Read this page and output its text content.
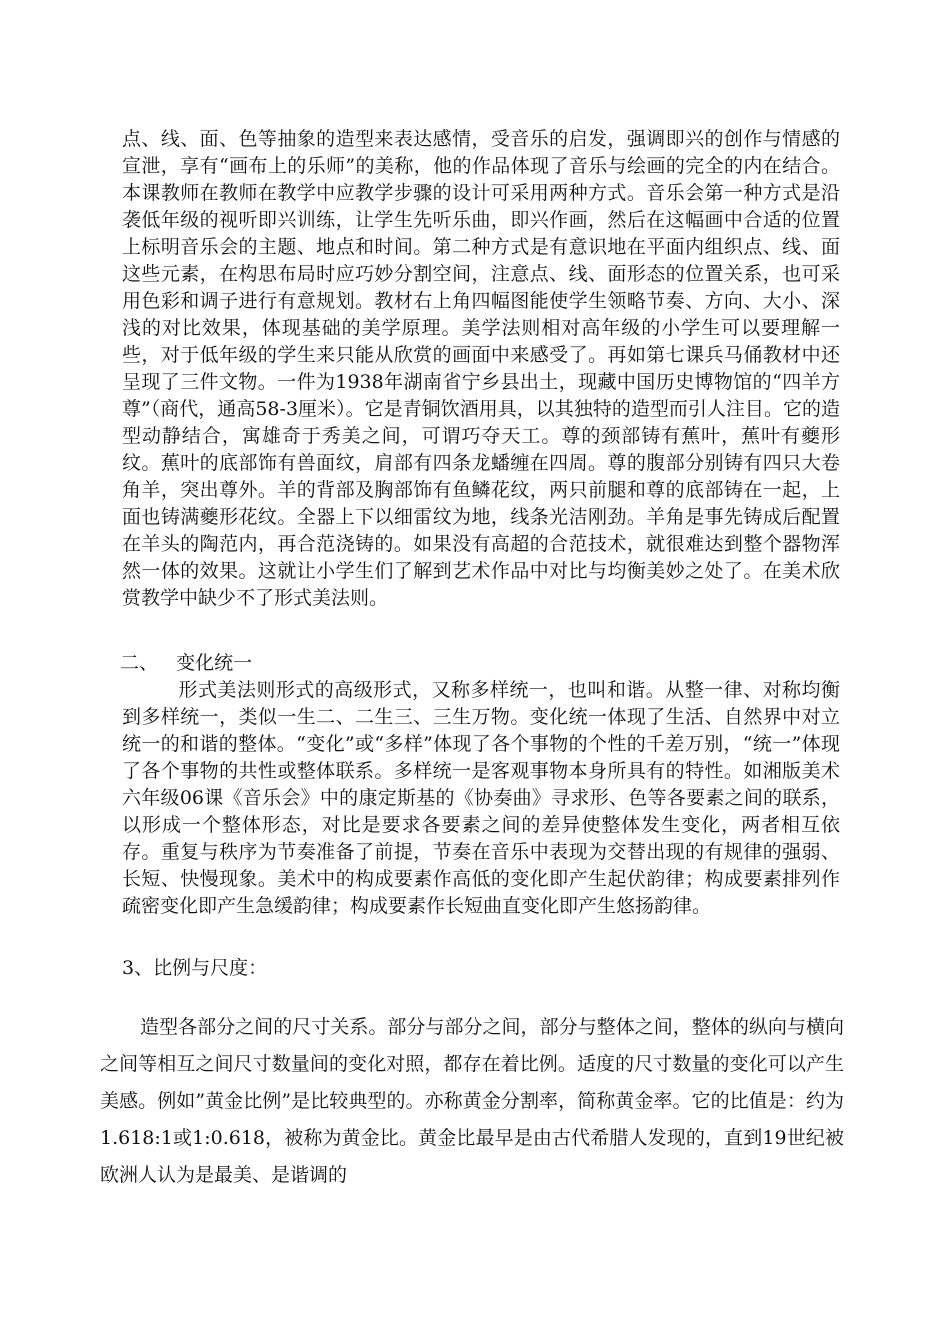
点、线、面、色等抽象的造型来表达感情，受音乐的启发，强调即兴的创作与情感的宣泄，享有“画布上的乐师”的美称，他的作品体现了音乐与绘画的完全的内在结合。本课教师在教师在教学中应教学步骤的设计可采用两种方式。音乐会第一种方式是沿袭低年级的视听即兴训练，让学生先听乐曲，即兴作画，然后在这幅画中合适的位置上标明音乐会的主题、地点和时间。第二种方式是有意识地在平面内组织点、线、面这些元素，在构思布局时应巧妙分割空间，注意点、线、面形态的位置关系，也可采用色彩和调子进行有意规划。教材右上角四幅图能使学生领略节奏、方向、大小、深浅的对比效果，体现基础的美学原理。美学法则相对高年级的小学生可以要理解一些，对于低年级的学生来只能从欣赏的画面中来感受了。再如第七课兵马俑教材中还呈现了三件文物。一件为1938年湖南省宁乡县出土，现藏中国历史博物馆的“四羊方尊”（商代，通高58-3厘米）。它是青铜饮酒用具，以其独特的造型而引人注目。它的造型动静结合，寓雄奇于秀美之间，可谓巧夺天工。尊的颈部铸有蕉叶，蕉叶有夔形纹。蕉叶的底部饰有兽面纹，肩部有四条龙蟠缠在四周。尊的腹部分别铸有四只大卷角羊，突出尊外。羊的背部及胸部饰有鱼鳞花纹，两只前腿和尊的底部铸在一起，上面也铸满夔形花纹。全器上下以细雷纹为地，线条光洁刚劲。羊角是事先铸成后配置在羊头的陶范内，再合范浇铸的。如果没有高超的合范技术，就很难达到整个器物浑然一体的效果。这就让小学生们了解到艺术作品中对比与均衡美妙之处了。在美术欣赏教学中缺少不了形式美法则。
二、   变化统一
形式美法则形式的高级形式，又称多样统一，也叫和谐。从整一律、对称均衡到多样统一，类似一生二、二生三、三生万物。变化统一体现了生活、自然界中对立统一的和谐的整体。“变化”或“多样”体现了各个事物的个性的千差万别，“统一”体现了各个事物的共性或整体联系。多样统一是客观事物本身所具有的特性。如湘版美术六年级06课《音乐会》中的康定斯基的《协奏曲》寻求形、色等各要素之间的联系，以形成一个整体形态，对比是要求各要素之间的差异使整体发生变化，两者相互依存。重复与秩序为节奏准备了前提，节奏在音乐中表现为交替出现的有规律的强弱、长短、快慢现象。美术中的构成要素作高低的变化即产生起伏韵律；构成要素排列作疏密变化即产生急缓韵律；构成要素作长短曲直变化即产生悠扬韵律。
3、比例与尺度：
造型各部分之间的尺寸关系。部分与部分之间，部分与整体之间，整体的纵向与横向之间等相互之间尺寸数量间的变化对照，都存在着比例。适度的尺寸数量的变化可以产生美感。例如”黄金比例”是比较典型的。亦称黄金分割率，简称黄金率。它的比值是：约为1.618:1或1:0.618，被称为黄金比。黄金比最早是由古代希腊人发现的，直到19世纪被欧洲人认为是最美、是谐调的
